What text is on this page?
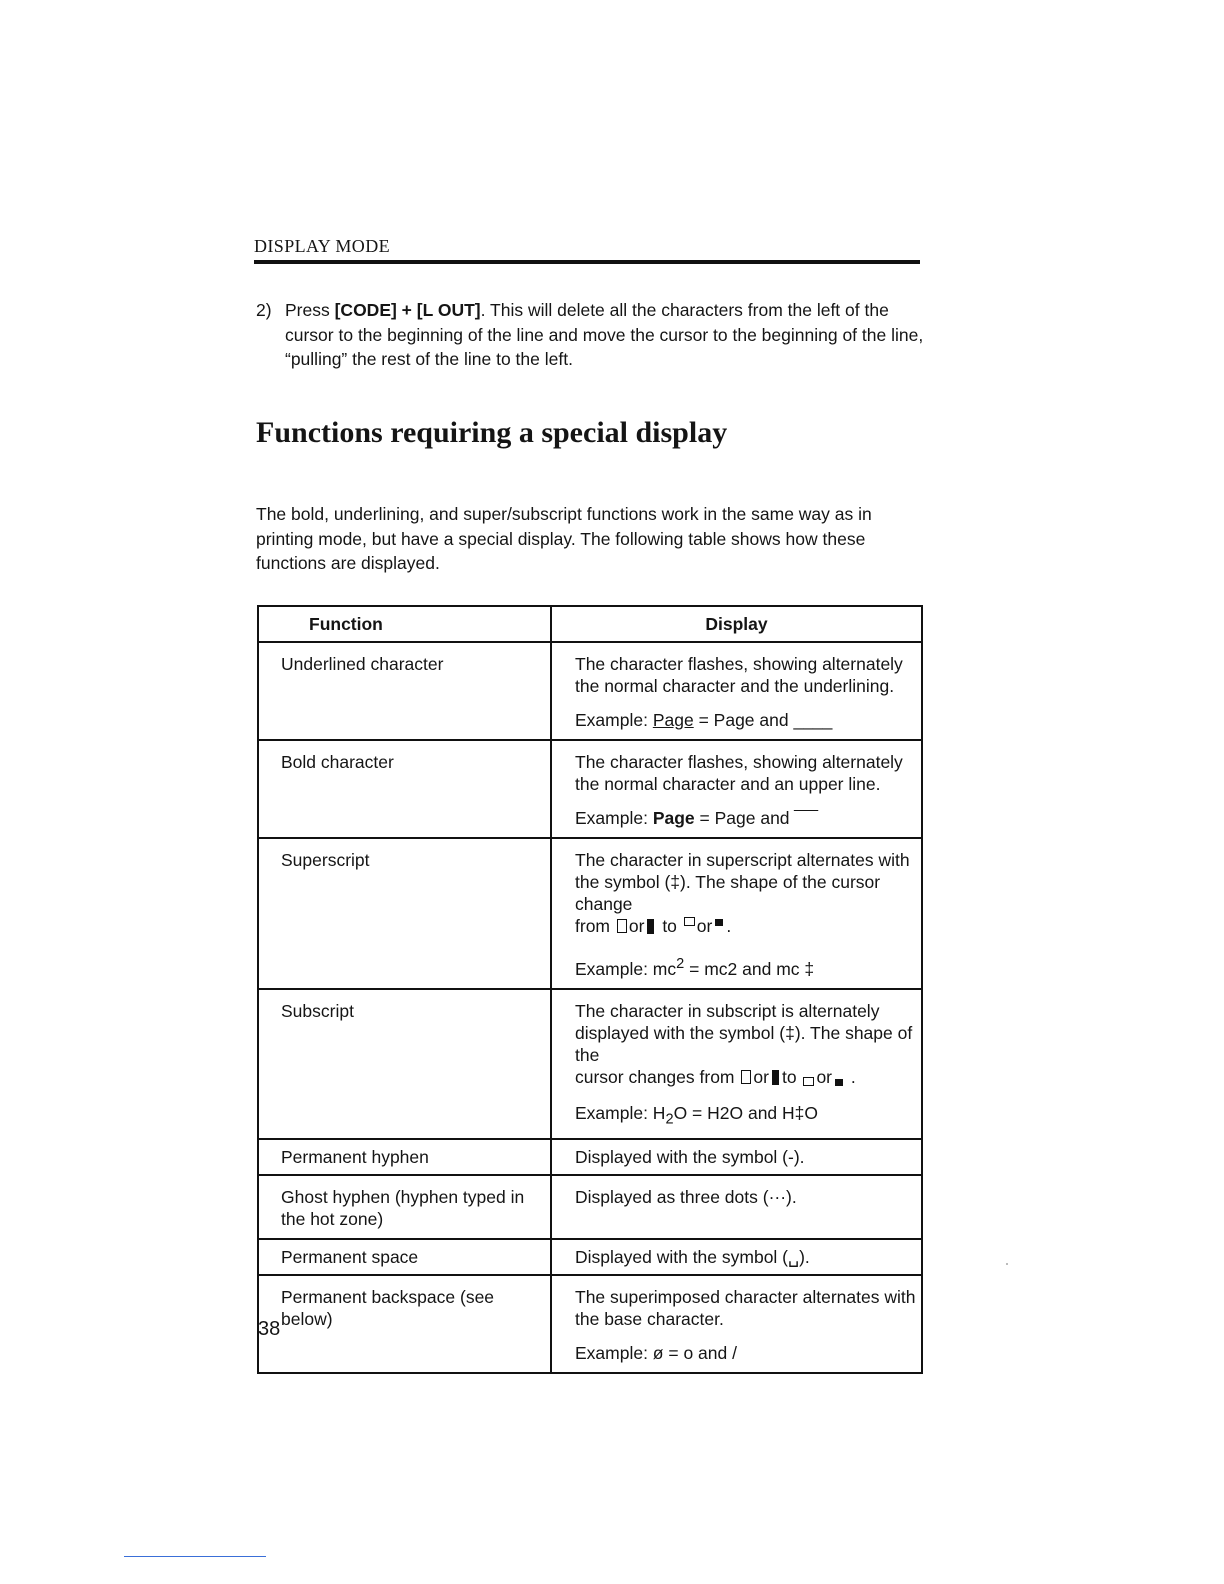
DISPLAY MODE
2) Press [CODE] + [L OUT]. This will delete all the characters from the left of the cursor to the beginning of the line and move the cursor to the beginning of the line, “pulling” the rest of the line to the left.
Functions requiring a special display
The bold, underlining, and super/subscript functions work in the same way as in printing mode, but have a special display. The following table shows how these functions are displayed.
Function	Display
Underlined character	The character flashes, showing alternately the normal character and the underlining.
Example: Page = Page and ____

Bold character	The character flashes, showing alternately the normal character and an upper line.
Example: Page = Page and ‾‾‾‾

Superscript	The character in superscript alternates with the symbol (‡). The shape of the cursor change
from or to or .
Example: $mc^2 = mc2$ and mc ‡

Subscript	The character in subscript is alternately displayed with the symbol (‡). The shape of the
cursor changes from or to or .
Example: $H_2O = H2O$ and H‡O

Permanent hyphen	Displayed with the symbol (‐).
Ghost hyphen (hyphen typed in the hot zone)	Displayed as three dots (···).
Permanent space	Displayed with the symbol (␣).
Permanent backspace (see below)	The superimposed character alternates with the base character.
Example: ø = o and /
38
